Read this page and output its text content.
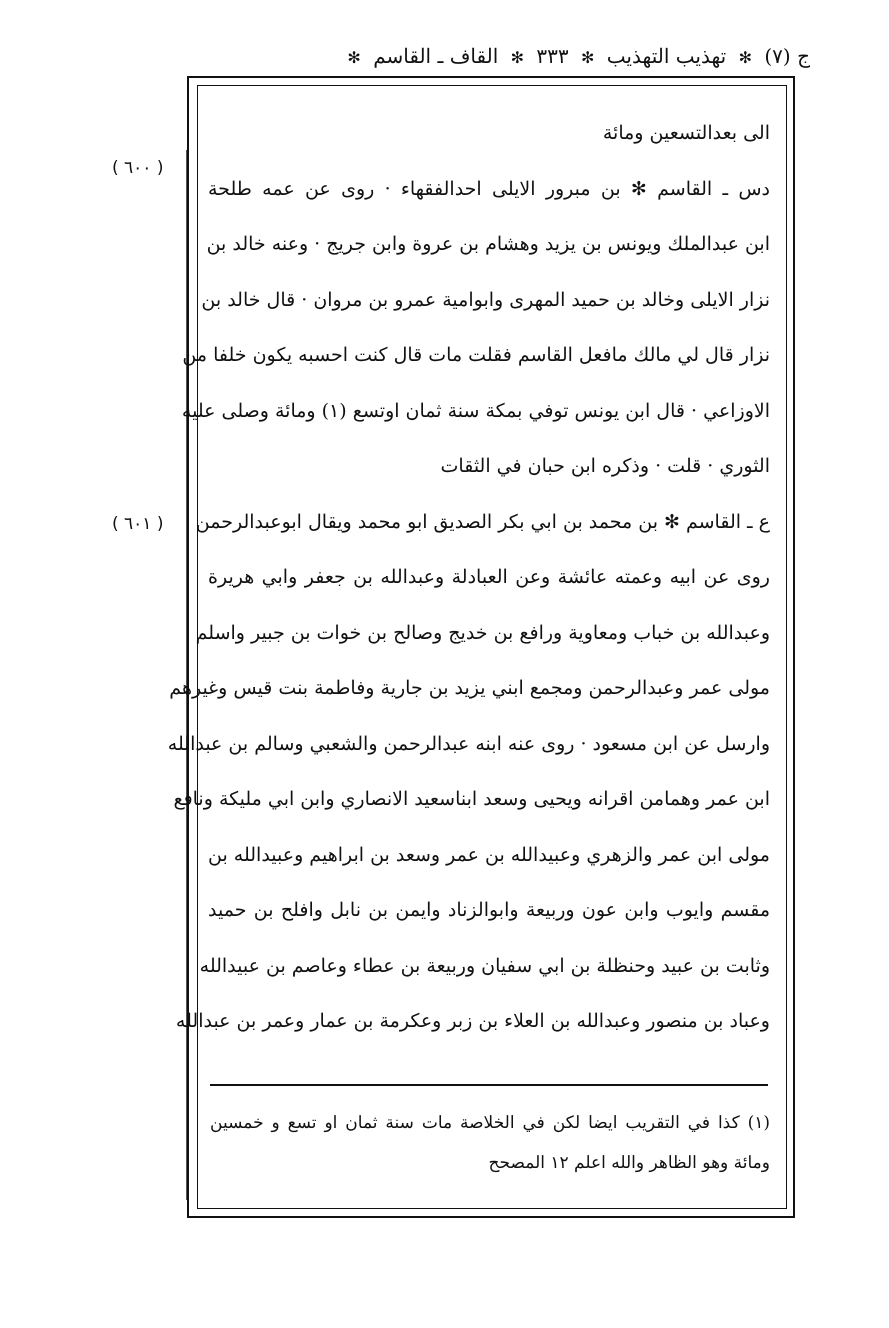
ج (٧) ✻ تهذيب التهذيب ✻ ٣٣٣ ✻ القاف ـ القاسم ✻
( ٦٠٠ )
( ٦٠١ )
الى بعدالتسعين ومائة
دس ـ القاسم ✻ بن مبرور الايلى احدالفقهاء · روى عن عمه طلحة
ابن عبدالملك ويونس بن يزيد وهشام بن عروة وابن جريج · وعنه خالد بن
نزار الايلى وخالد بن حميد المهرى وابوامية عمرو بن مروان · قال خالد بن
نزار قال لي مالك مافعل القاسم فقلت مات قال كنت احسبه يكون خلفا من
الاوزاعي · قال ابن يونس توفي بمكة سنة ثمان اوتسع (١) ومائة وصلى عليه
الثوري · قلت · وذكره ابن حبان في الثقات
ع ـ القاسم ✻ بن محمد بن ابي بكر الصديق ابو محمد ويقال ابوعبدالرحمن
روى عن ابيه وعمته عائشة وعن العبادلة وعبدالله بن جعفر وابي هريرة
وعبدالله بن خباب ومعاوية ورافع بن خديج وصالح بن خوات بن جبير واسلم
مولى عمر وعبدالرحمن ومجمع ابني يزيد بن جارية وفاطمة بنت قيس وغيرهم
وارسل عن ابن مسعود · روى عنه ابنه عبدالرحمن والشعبي وسالم بن عبدالله
ابن عمر وهمامن اقرانه ويحيى وسعد ابناسعيد الانصاري وابن ابي مليكة ونافع
مولى ابن عمر والزهري وعبيدالله بن عمر وسعد بن ابراهيم وعبيدالله بن
مقسم وايوب وابن عون وربيعة وابوالزناد وايمن بن نابل وافلح بن حميد
وثابت بن عبيد وحنظلة بن ابي سفيان وربيعة بن عطاء وعاصم بن عبيدالله
وعباد بن منصور وعبدالله بن العلاء بن زبر وعكرمة بن عمار وعمر بن عبدالله
(١) كذا في التقريب ايضا لكن في الخلاصة مات سنة ثمان او تسع و خمسين
ومائة وهو الظاهر والله اعلم ١٢ المصحح
